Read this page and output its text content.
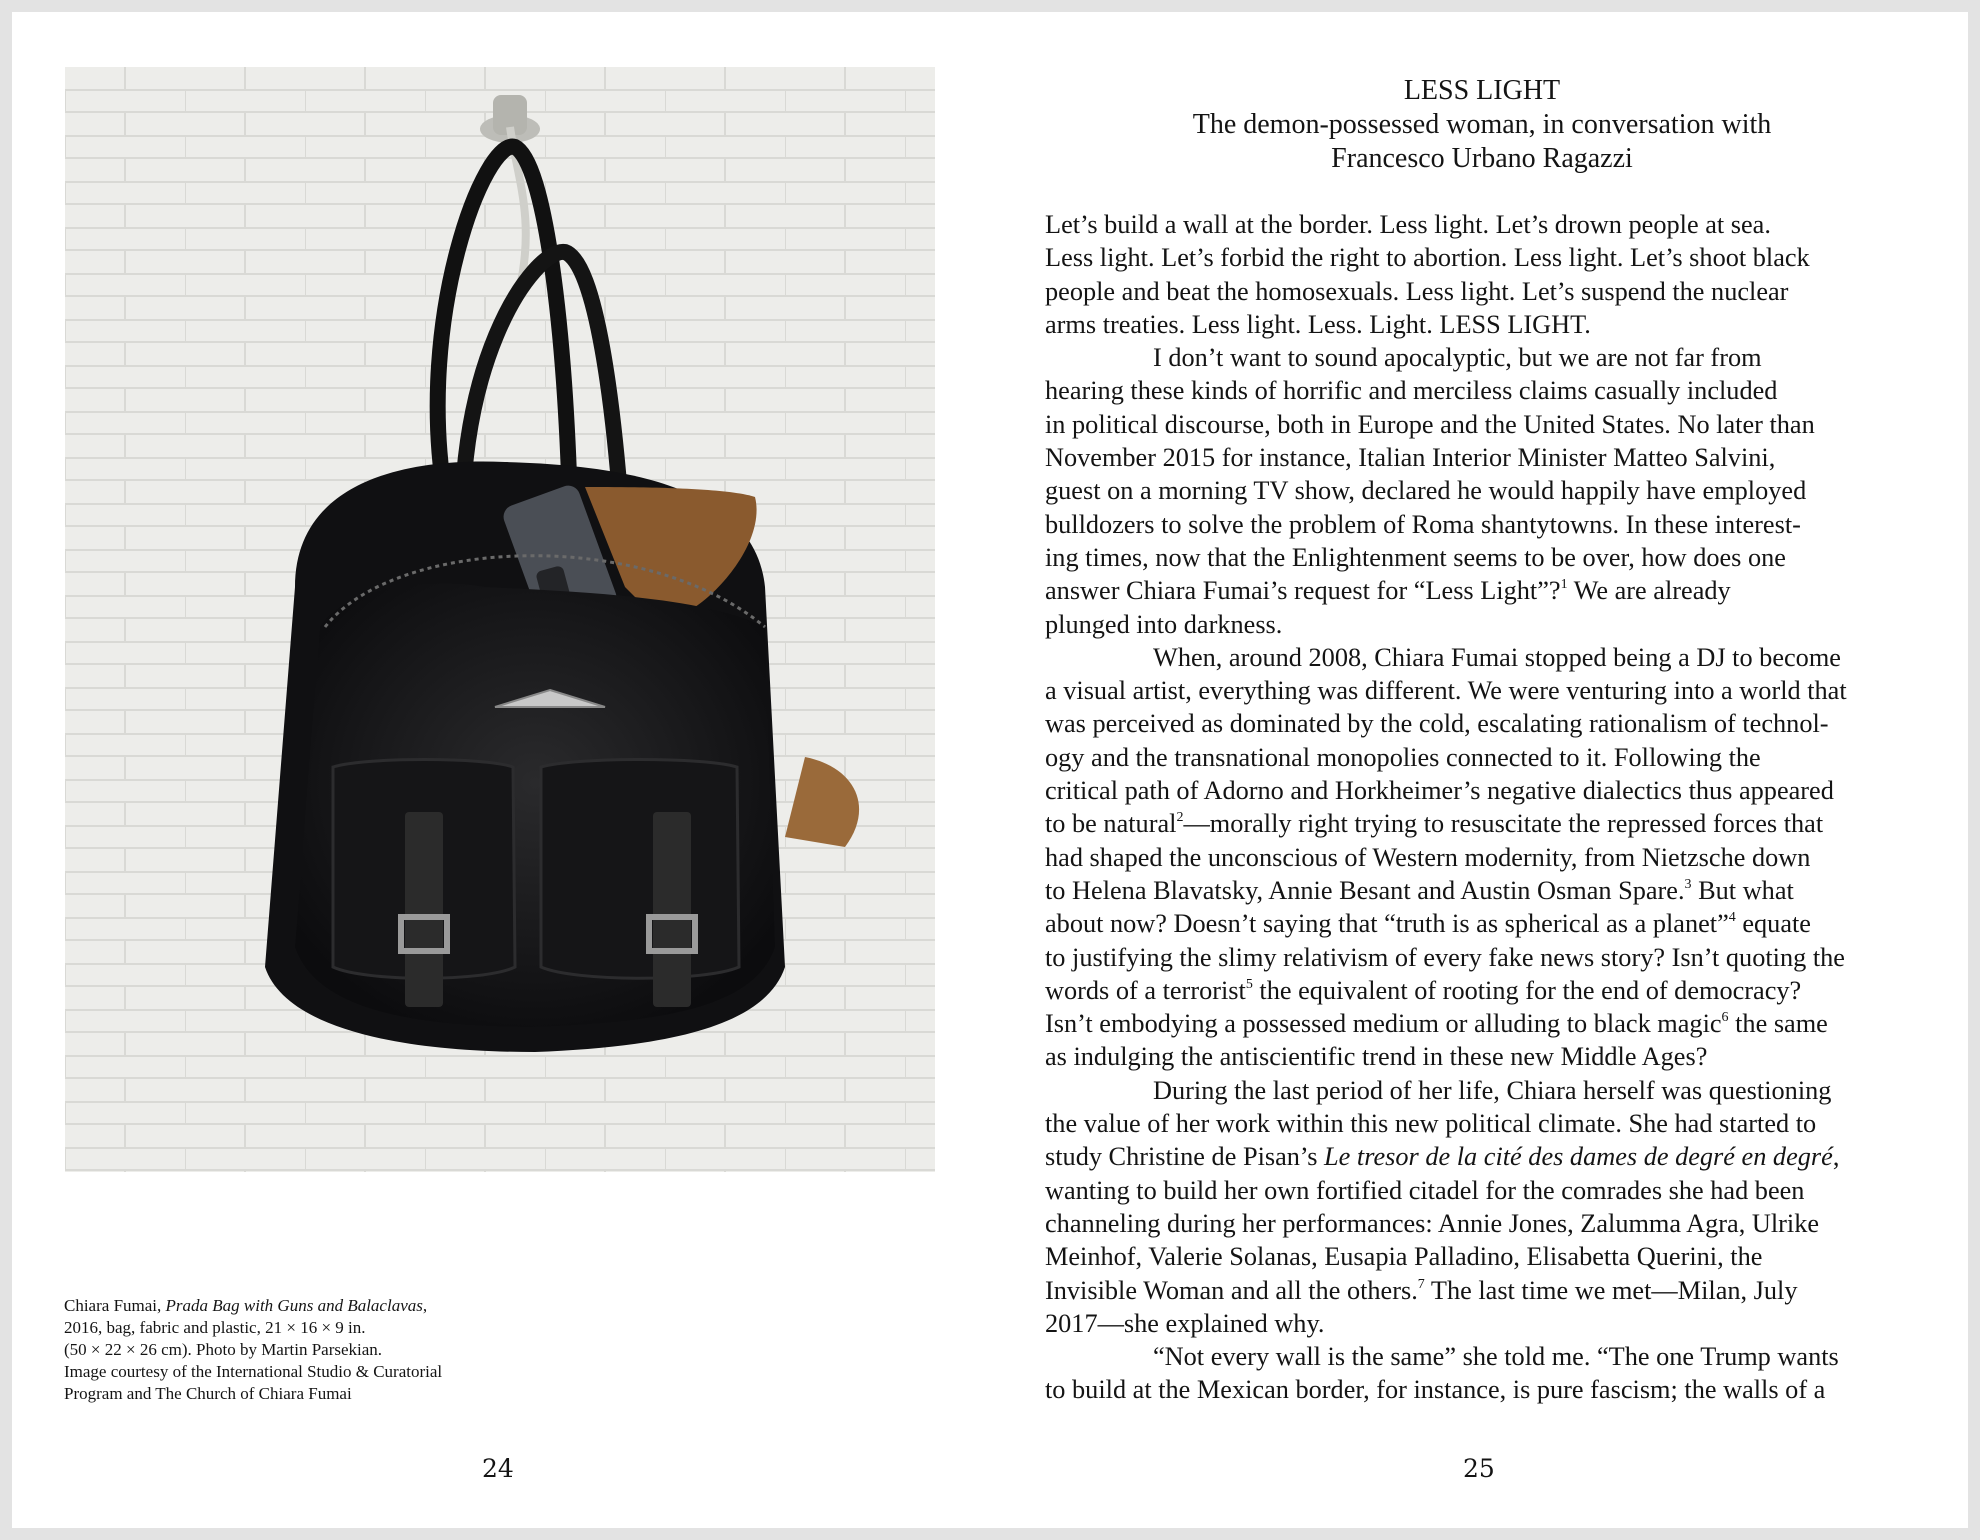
Chiara Fumai, Prada Bag with Guns and Balaclavas,

2016, bag, fabric and plastic, 21 × 16 × 9 in.

(50 × 22 × 26 cm). Photo by Martin Parsekian.

Image courtesy of the International Studio & Curatorial

Program and The Church of Chiara Fumai

24
LESS LIGHT
The demon-possessed woman, in conversation with
Francesco Urbano Ragazzi
Let’s build a wall at the border. Less light. Let’s drown people at sea.
Less light. Let’s forbid the right to abortion. Less light. Let’s shoot black
people and beat the homosexuals. Less light. Let’s suspend the nuclear
arms treaties. Less light. Less. Light. LESS LIGHT.
I don’t want to sound apocalyptic, but we are not far from
hearing these kinds of horrific and merciless claims casually included
in political discourse, both in Europe and the United States. No later than
November 2015 for instance, Italian Interior Minister Matteo Salvini,
guest on a morning TV show, declared he would happily have employed
bulldozers to solve the problem of Roma shantytowns. In these interest-
ing times, now that the Enlightenment seems to be over, how does one
answer Chiara Fumai’s request for “Less Light”?$^1$ We are already
plunged into darkness.
When, around 2008, Chiara Fumai stopped being a DJ to become
a visual artist, everything was different. We were venturing into a world that
was perceived as dominated by the cold, escalating rationalism of technol-
ogy and the transnational monopolies connected to it. Following the
critical path of Adorno and Horkheimer’s negative dialectics thus appeared
to be natural$^2$—morally right trying to resuscitate the repressed forces that
had shaped the unconscious of Western modernity, from Nietzsche down
to Helena Blavatsky, Annie Besant and Austin Osman Spare.$^3$ But what
about now? Doesn’t saying that “truth is as spherical as a planet”$^4$ equate
to justifying the slimy relativism of every fake news story? Isn’t quoting the
words of a terrorist$^5$ the equivalent of rooting for the end of democracy?
Isn’t embodying a possessed medium or alluding to black magic$^6$ the same
as indulging the antiscientific trend in these new Middle Ages?
During the last period of her life, Chiara herself was questioning
the value of her work within this new political climate. She had started to
study Christine de Pisan’s Le tresor de la cité des dames de degré en degré,
wanting to build her own fortified citadel for the comrades she had been
channeling during her performances: Annie Jones, Zalumma Agra, Ulrike
Meinhof, Valerie Solanas, Eusapia Palladino, Elisabetta Querini, the
Invisible Woman and all the others.$^7$ The last time we met—Milan, July
2017—she explained why.
“Not every wall is the same” she told me. “The one Trump wants
to build at the Mexican border, for instance, is pure fascism; the walls of a
25
